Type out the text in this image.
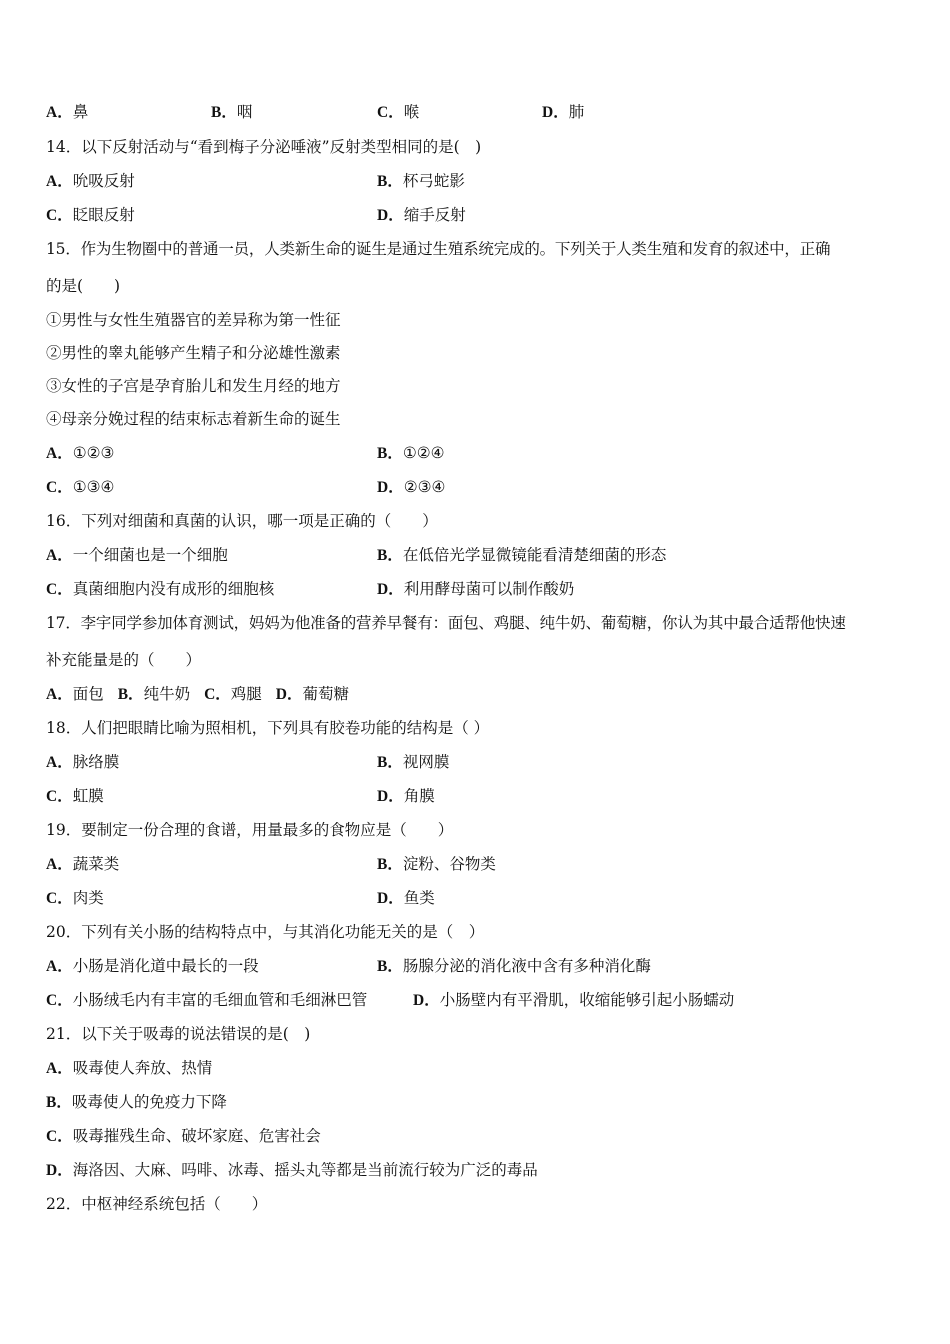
A．鼻	B．咽	C．喉	D．肺
14．以下反射活动与“看到梅子分泌唾液”反射类型相同的是(　)
A．吮吸反射	B．杯弓蛇影
C．眨眼反射	D．缩手反射
15．作为生物圈中的普通一员，人类新生命的诞生是通过生殖系统完成的。下列关于人类生殖和发育的叙述中，正确
的是(　　)
①男性与女性生殖器官的差异称为第一性征
②男性的睾丸能够产生精子和分泌雄性激素
③女性的子宫是孕育胎儿和发生月经的地方
④母亲分娩过程的结束标志着新生命的诞生
A．①②③	B．①②④
C．①③④	D．②③④
16．下列对细菌和真菌的认识，哪一项是正确的（　　）
A．一个细菌也是一个细胞	B．在低倍光学显微镜能看清楚细菌的形态
C．真菌细胞内没有成形的细胞核	D．利用酵母菌可以制作酸奶
17．李宇同学参加体育测试，妈妈为他准备的营养早餐有：面包、鸡腿、纯牛奶、葡萄糖，你认为其中最合适帮他快速
补充能量是的（　　）
A．面包 B．纯牛奶 C．鸡腿 D．葡萄糖
18．人们把眼睛比喻为照相机，下列具有胶卷功能的结构是（ ）
A．脉络膜	B．视网膜
C．虹膜	D．角膜
19．要制定一份合理的食谱，用量最多的食物应是（　　）
A．蔬菜类	B．淀粉、谷物类
C．肉类	D．鱼类
20．下列有关小肠的结构特点中，与其消化功能无关的是（　）
A．小肠是消化道中最长的一段	B．肠腺分泌的消化液中含有多种消化酶
C．小肠绒毛内有丰富的毛细血管和毛细淋巴管	D．小肠壁内有平滑肌，收缩能够引起小肠蠕动
21．以下关于吸毒的说法错误的是(　)
A．吸毒使人奔放、热情
B．吸毒使人的免疫力下降
C．吸毒摧残生命、破坏家庭、危害社会
D．海洛因、大麻、吗啡、冰毒、摇头丸等都是当前流行较为广泛的毒品
22．中枢神经系统包括（　　）
